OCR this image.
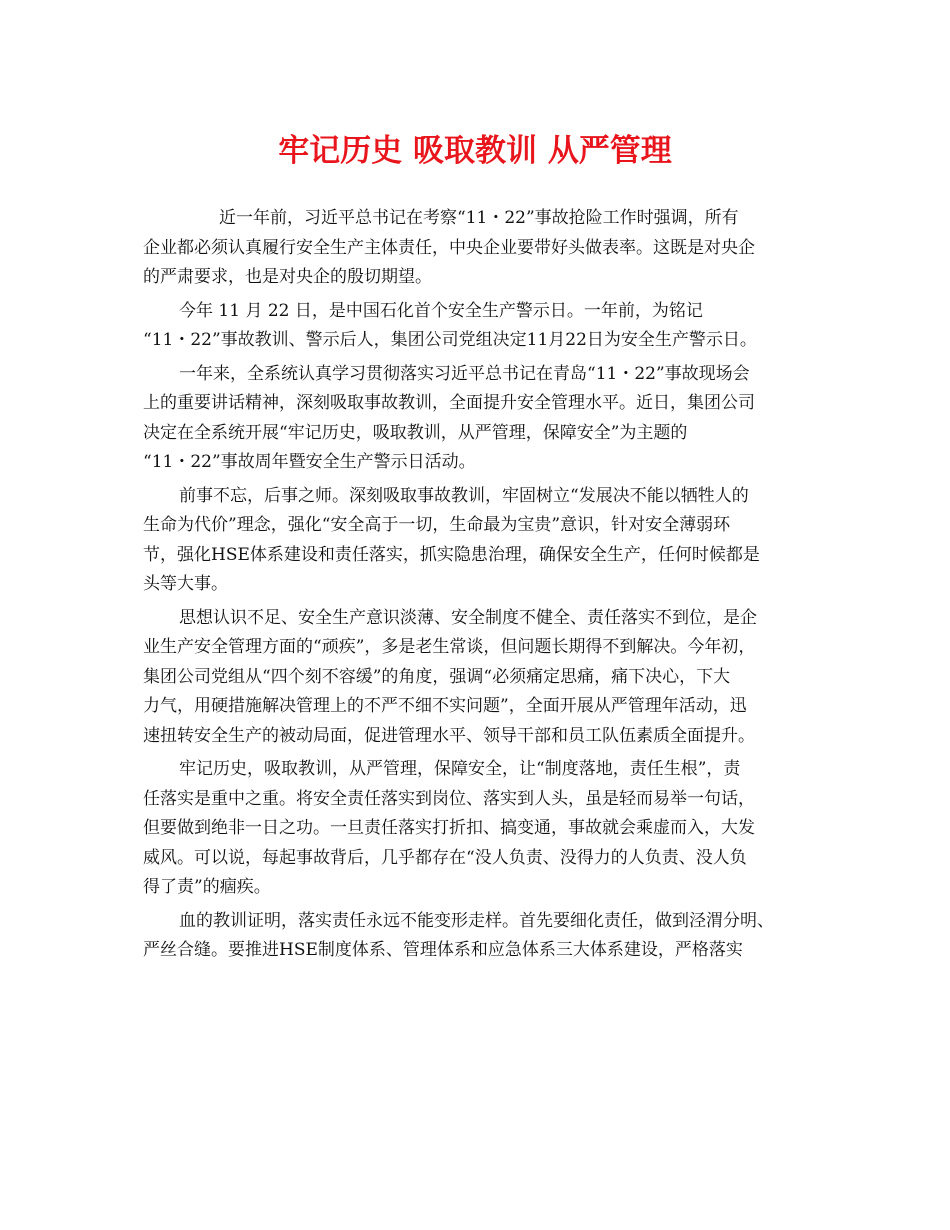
牢记历史 吸取教训 从严管理

近一年前，习近平总书记在考察“11・22”事故抢险工作时强调，所有
企业都必须认真履行安全生产主体责任，中央企业要带好头做表率。这既是对央企
的严肃要求，也是对央企的殷切期望。

今年 11 月 22 日，是中国石化首个安全生产警示日。一年前，为铭记
“11・22”事故教训、警示后人，集团公司党组决定11月22日为安全生产警示日。

一年来，全系统认真学习贯彻落实习近平总书记在青岛“11・22”事故现场会
上的重要讲话精神，深刻吸取事故教训，全面提升安全管理水平。近日，集团公司
决定在全系统开展“牢记历史，吸取教训，从严管理，保障安全”为主题的
“11・22”事故周年暨安全生产警示日活动。

前事不忘，后事之师。深刻吸取事故教训，牢固树立“发展决不能以牺牲人的
生命为代价”理念，强化“安全高于一切，生命最为宝贵”意识，针对安全薄弱环
节，强化HSE体系建设和责任落实，抓实隐患治理，确保安全生产，任何时候都是
头等大事。

思想认识不足、安全生产意识淡薄、安全制度不健全、责任落实不到位，是企
业生产安全管理方面的“顽疾”，多是老生常谈，但问题长期得不到解决。今年初，
集团公司党组从“四个刻不容缓”的角度，强调“必须痛定思痛，痛下决心，下大
力气，用硬措施解决管理上的不严不细不实问题”，全面开展从严管理年活动，迅
速扭转安全生产的被动局面，促进管理水平、领导干部和员工队伍素质全面提升。

牢记历史，吸取教训，从严管理，保障安全，让“制度落地，责任生根”，责
任落实是重中之重。将安全责任落实到岗位、落实到人头，虽是轻而易举一句话，
但要做到绝非一日之功。一旦责任落实打折扣、搞变通，事故就会乘虚而入，大发
威风。可以说，每起事故背后，几乎都存在“没人负责、没得力的人负责、没人负
得了责”的痼疾。

血的教训证明，落实责任永远不能变形走样。首先要细化责任，做到泾渭分明、
严丝合缝。要推进HSE制度体系、管理体系和应急体系三大体系建设，严格落实
